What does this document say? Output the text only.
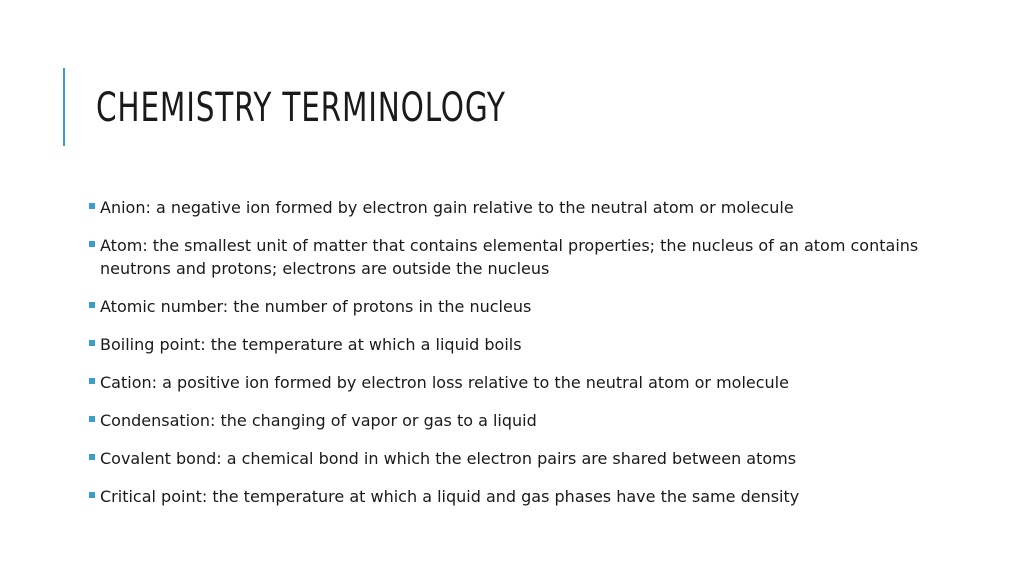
CHEMISTRY TERMINOLOGY
Anion: a negative ion formed by electron gain relative to the neutral atom or molecule
Atom: the smallest unit of matter that contains elemental properties; the nucleus of an atom contains neutrons and protons; electrons are outside the nucleus
Atomic number: the number of protons in the nucleus
Boiling point: the temperature at which a liquid boils
Cation: a positive ion formed by electron loss relative to the neutral atom or molecule
Condensation: the changing of vapor or gas to a liquid
Covalent bond: a chemical bond in which the electron pairs are shared between atoms
Critical point: the temperature at which a liquid and gas phases have the same density
